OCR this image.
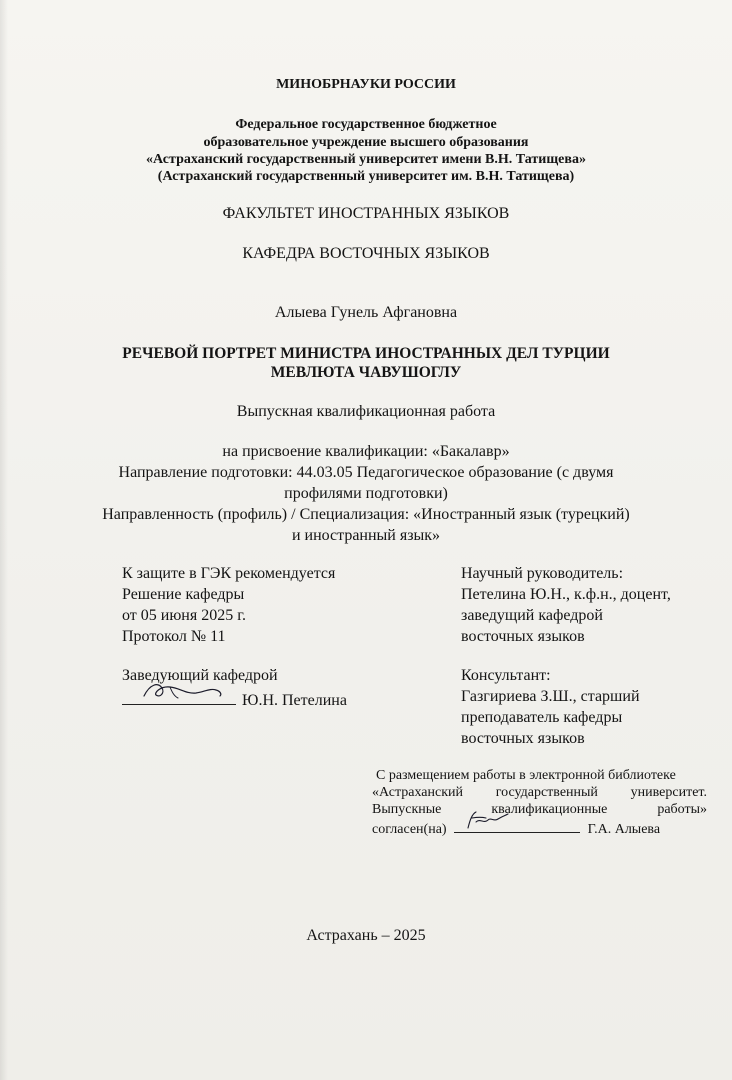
МИНОБРНАУКИ РОССИИ
Федеральное государственное бюджетное
образовательное учреждение высшего образования
«Астраханский государственный университет имени В.Н. Татищева»
(Астраханский государственный университет им. В.Н. Татищева)
ФАКУЛЬТЕТ ИНОСТРАННЫХ ЯЗЫКОВ
КАФЕДРА ВОСТОЧНЫХ ЯЗЫКОВ
Алыева Гунель Афгановна
РЕЧЕВОЙ ПОРТРЕТ МИНИСТРА ИНОСТРАННЫХ ДЕЛ ТУРЦИИ
МЕВЛЮТА ЧАВУШОГЛУ
Выпускная квалификационная работа
на присвоение квалификации: «Бакалавр»
Направление подготовки: 44.03.05 Педагогическое образование (с двумя
профилями подготовки)
Направленность (профиль) / Специализация: «Иностранный язык (турецкий)
и иностранный язык»
К защите в ГЭК рекомендуется
Решение кафедры
от 05 июня 2025 г.
Протокол № 11
Заведующий кафедрой
Ю.Н. Петелина
Научный руководитель:
Петелина Ю.Н., к.ф.н., доцент,
заведущий кафедрой
восточных языков
Консультант:
Газгириева З.Ш., старший
преподаватель кафедры
восточных языков
С размещением работы в электронной библиотеке
«Астраханский государственный университет.
Выпускные	квалификационные	работы»
согласен(на)	Г.А. Алыева
Астрахань – 2025
